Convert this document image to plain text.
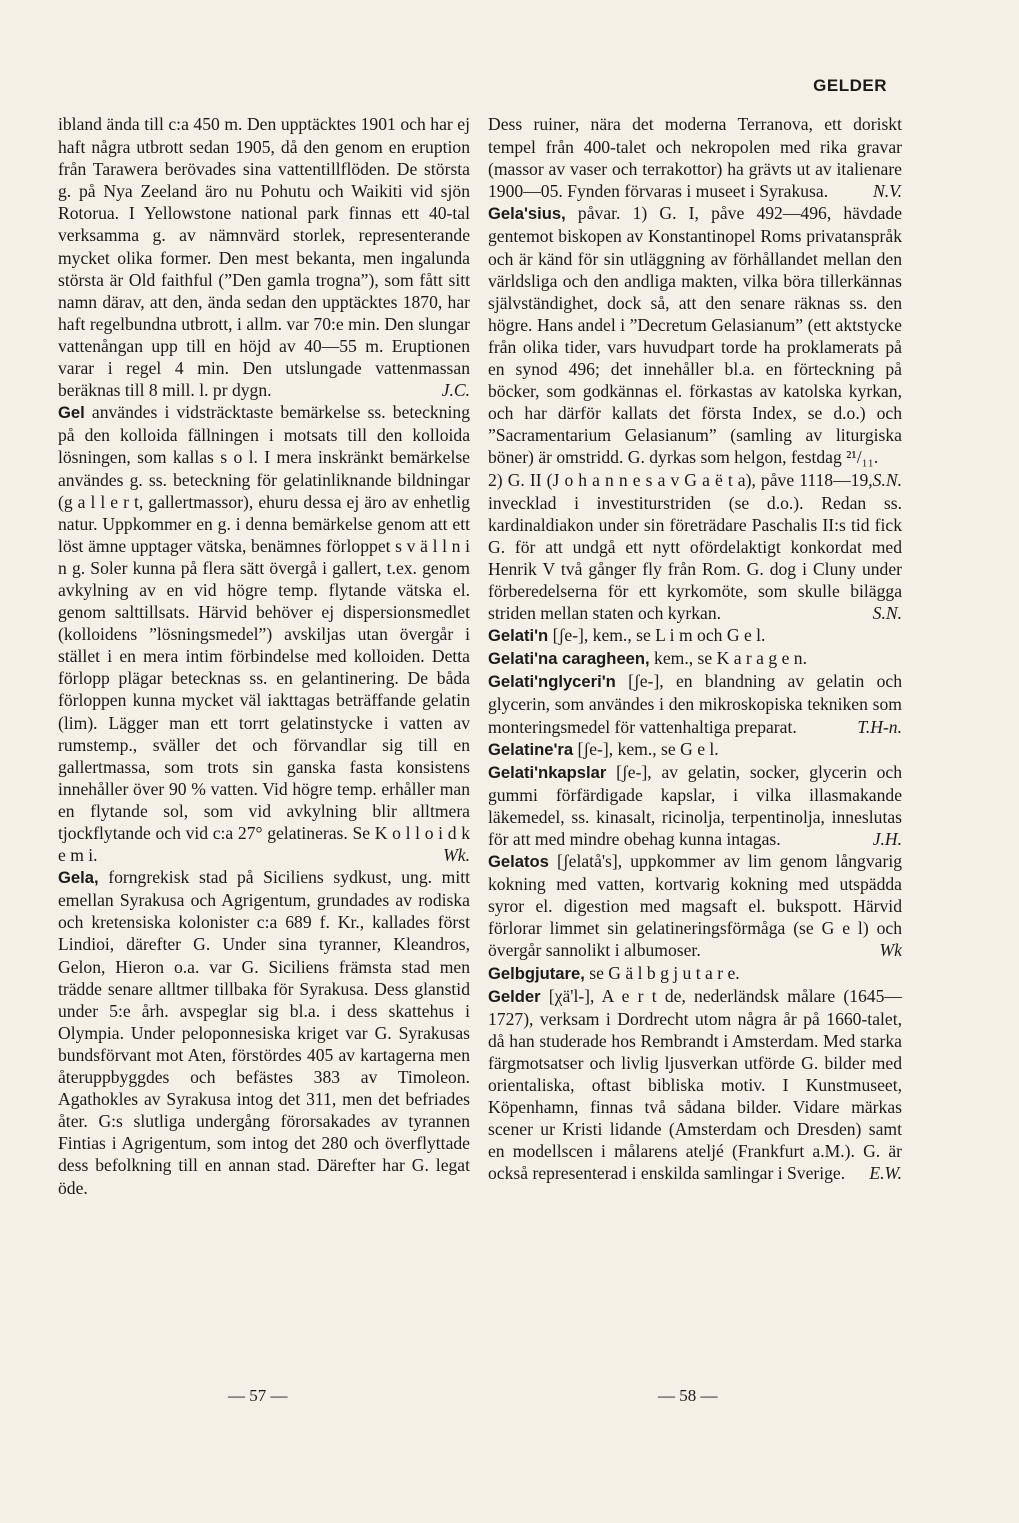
GELDER

ibland ända till c:a 450 m. Den upptäcktes 1901 och har ej haft några utbrott sedan 1905, då den genom en eruption från Tarawera berövades sina vattentillflöden. De största g. på Nya Zeeland äro nu Pohutu och Waikiti vid sjön Rotorua. I Yellowstone national park finnas ett 40-tal verksamma g. av nämnvärd storlek, representerande mycket olika former. Den mest bekanta, men ingalunda största är Old faithful (”Den gamla trogna”), som fått sitt namn därav, att den, ända sedan den upptäcktes 1870, har haft regelbundna utbrott, i allm. var 70:e min. Den slungar vattenångan upp till en höjd av 40—55 m. Eruptionen varar i regel 4 min. Den utslungade vattenmassan beräknas till 8 mill. l. pr dygn.	J.C.

Gel användes i vidsträcktaste bemärkelse ss. beteckning på den kolloida fällningen i motsats till den kolloida lösningen, som kallas s o l. I mera inskränkt bemärkelse användes g. ss. beteckning för gelatinliknande bildningar (g a l l e r t, gallertmassor), ehuru dessa ej äro av enhetlig natur. Uppkommer en g. i denna bemärkelse genom att ett löst ämne upptager vätska, benämnes förloppet s v ä l l n i n g. Soler kunna på flera sätt övergå i gallert, t.ex. genom avkylning av en vid högre temp. flytande vätska el. genom salttillsats. Härvid behöver ej dispersionsmedlet (kolloidens ”lösningsmedel”) avskiljas utan övergår i stället i en mera intim förbindelse med kolloiden. Detta förlopp plägar betecknas ss. en gelantinering. De båda förloppen kunna mycket väl iakttagas beträffande gelatin (lim). Lägger man ett torrt gelatinstycke i vatten av rumstemp., sväller det och förvandlar sig till en gallertmassa, som trots sin ganska fasta konsistens innehåller över 90 % vatten. Vid högre temp. erhåller man en flytande sol, som vid avkylning blir alltmera tjockflytande och vid c:a 27° gelatineras. Se K o l l o i d k e m i.	Wk.

Gela, forngrekisk stad på Siciliens sydkust, ung. mitt emellan Syrakusa och Agrigentum, grundades av rodiska och kretensiska kolonister c:a 689 f. Kr., kallades först Lindioi, därefter G. Under sina tyranner, Kleandros, Gelon, Hieron o.a. var G. Siciliens främsta stad men trädde senare alltmer tillbaka för Syrakusa. Dess glanstid under 5:e årh. avspeglar sig bl.a. i dess skattehus i Olympia. Under peloponnesiska kriget var G. Syrakusas bundsförvant mot Aten, förstördes 405 av kartagerna men återuppbyggdes och befästes 383 av Timoleon. Agathokles av Syrakusa intog det 311, men det befriades åter. G:s slutliga undergång förorsakades av tyrannen Fintias i Agrigentum, som intog det 280 och överflyttade dess befolkning till en annan stad. Därefter har G. legat öde.

Dess ruiner, nära det moderna Terranova, ett doriskt tempel från 400-talet och nekropolen med rika gravar (massor av vaser och terrakottor) ha grävts ut av italienare 1900—05. Fynden förvaras i museet i Syrakusa.	N.V.

Gela'sius, påvar. 1) G. I, påve 492—496, hävdade gentemot biskopen av Konstantinopel Roms privatanspråk och är känd för sin utläggning av förhållandet mellan den världsliga och den andliga makten, vilka böra tillerkännas självständighet, dock så, att den senare räknas ss. den högre. Hans andel i ”Decretum Gelasianum” (ett aktstycke från olika tider, vars huvudpart torde ha proklamerats på en synod 496; det innehåller bl.a. en förteckning på böcker, som godkännas el. förkastas av katolska kyrkan, och har därför kallats det första Index, se d.o.) och ”Sacramentarium Gelasianum” (samling av liturgiska böner) är omstridd. G. dyrkas som helgon, festdag ²¹/₁₁.
S.N.

2) G. II (J o h a n n e s a v G a ë t a), påve 1118—19, invecklad i investiturstriden (se d.o.). Redan ss. kardinaldiakon under sin företrädare Paschalis II:s tid fick G. för att undgå ett nytt ofördelaktigt konkordat med Henrik V två gånger fly från Rom. G. dog i Cluny under förberedelserna för ett kyrkomöte, som skulle bilägga striden mellan staten och kyrkan.	S.N.

Gelati'n [ʃe-], kem., se L i m och G e l.

Gelati'na caragheen, kem., se K a r a g e n.

Gelati'nglyceri'n [ʃe-], en blandning av gelatin och glycerin, som användes i den mikroskopiska tekniken som monteringsmedel för vattenhaltiga preparat.	T.H-n.

Gelatine'ra [ʃe-], kem., se G e l.

Gelati'nkapslar [ʃe-], av gelatin, socker, glycerin och gummi förfärdigade kapslar, i vilka illasmakande läkemedel, ss. kinasalt, ricinolja, terpentinolja, inneslutas för att med mindre obehag kunna intagas.	J.H.

Gelatos [ʃelatå's], uppkommer av lim genom långvarig kokning med vatten, kortvarig kokning med utspädda syror el. digestion med magsaft el. bukspott. Härvid förlorar limmet sin gelatineringsförmåga (se G e l) och övergår sannolikt i albumoser.	Wk

Gelbgjutare, se G ä l b g j u t a r e.

Gelder [χä'l-], A e r t de, nederländsk målare (1645—1727), verksam i Dordrecht utom några år på 1660-talet, då han studerade hos Rembrandt i Amsterdam. Med starka färgmotsatser och livlig ljusverkan utförde G. bilder med orientaliska, oftast bibliska motiv. I Kunstmuseet, Köpenhamn, finnas två sådana bilder. Vidare märkas scener ur Kristi lidande (Amsterdam och Dresden) samt en modellscen i målarens ateljé (Frankfurt a.M.). G. är också representerad i enskilda samlingar i Sverige. E.W.

— 57 —	— 58 —
